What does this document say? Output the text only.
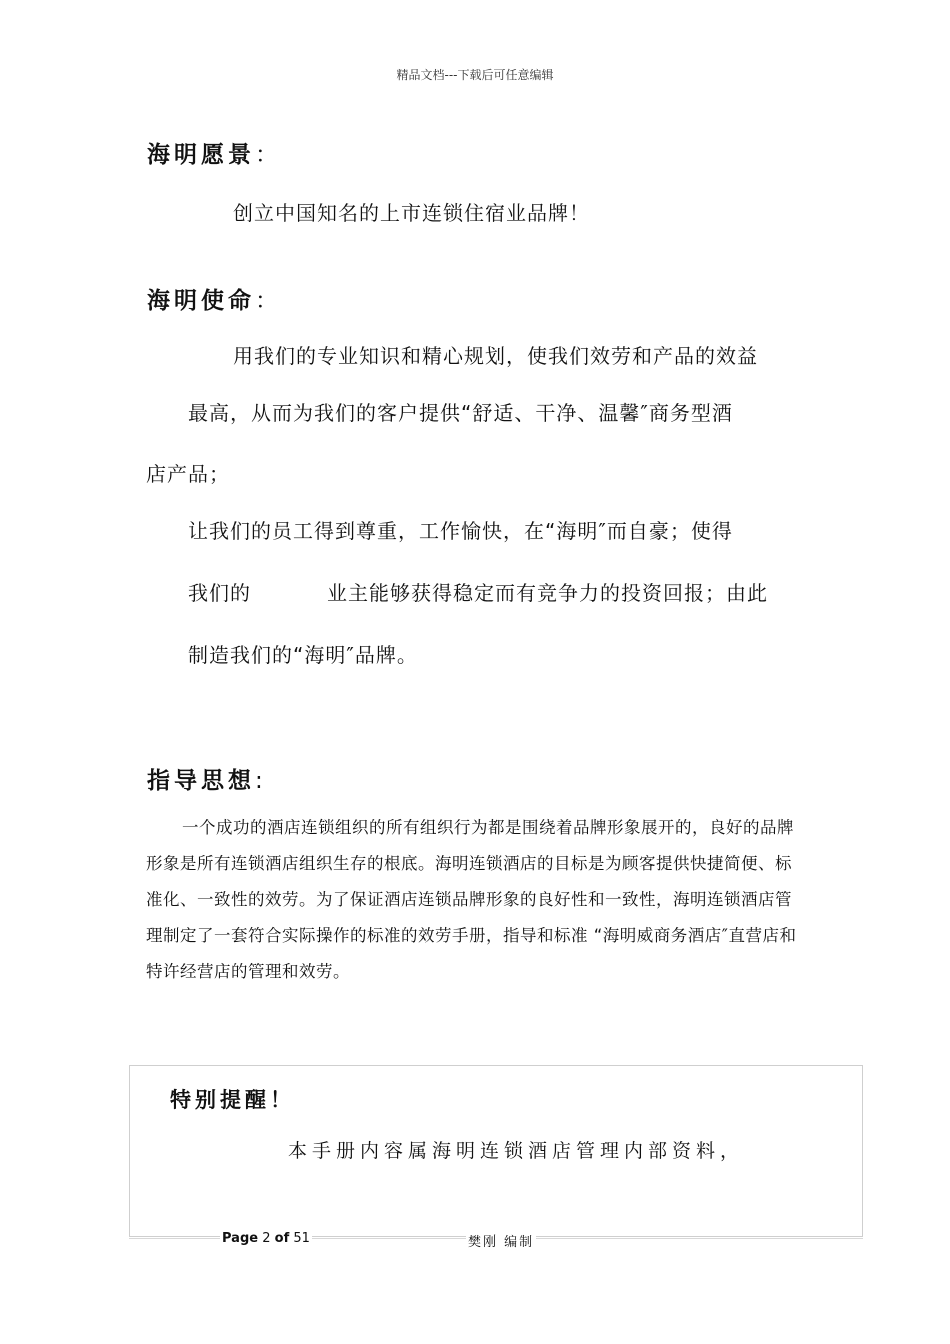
精品文档---下载后可任意编辑
海明愿景：
创立中国知名的上市连锁住宿业品牌！
海明使命：
用我们的专业知识和精心规划，使我们效劳和产品的效益
最高，从而为我们的客户提供“舒适、干净、温馨″商务型酒
店产品；
让我们的员工得到尊重，工作愉快，在“海明″而自豪；使得
我们的	业主能够获得稳定而有竞争力的投资回报；由此
制造我们的“海明″品牌。
指导思想:
一个成功的酒店连锁组织的所有组织行为都是围绕着品牌形象展开的，良好的品牌形象是所有连锁酒店组织生存的根底。海明连锁酒店的目标是为顾客提供快捷简便、标准化、一致性的效劳。为了保证酒店连锁品牌形象的良好性和一致性，海明连锁酒店管理制定了一套符合实际操作的标准的效劳手册，指导和标准 “海明威商务酒店″直营店和特许经营店的管理和效劳。
特别提醒！
本手册内容属海明连锁酒店管理内部资料，
Page 2 of 51	樊刚 编制
